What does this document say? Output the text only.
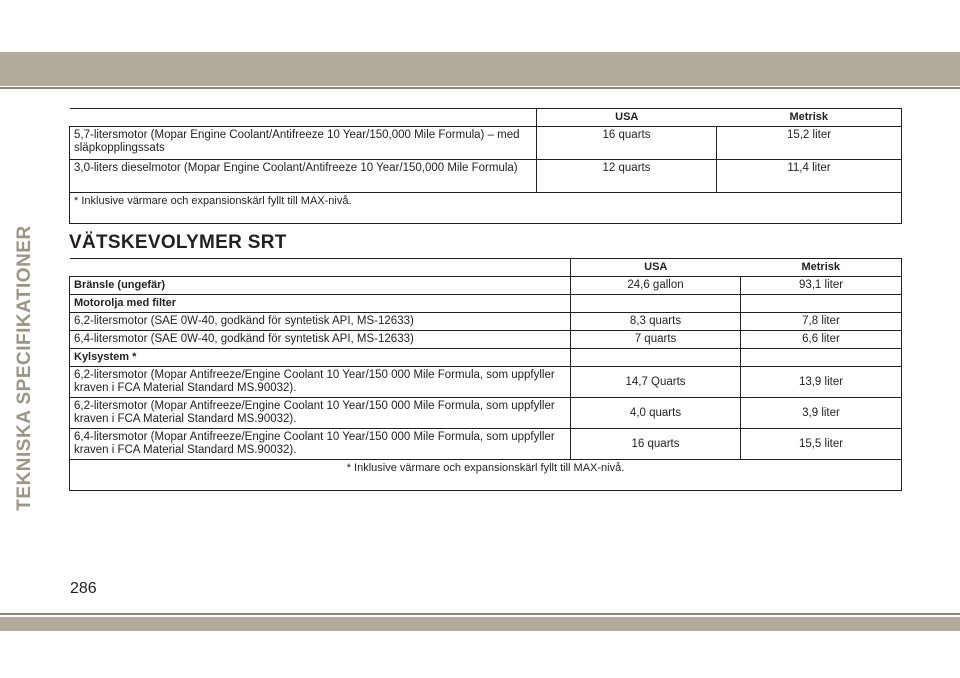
TEKNISKA SPECIFIKATIONER
	USA	Metrisk
5,7-litersmotor (Mopar Engine Coolant/Antifreeze 10 Year/150,000 Mile Formula) – med släpkopplingssats	16 quarts	15,2 liter
3,0-liters dieselmotor (Mopar Engine Coolant/Antifreeze 10 Year/150,000 Mile Formula)	12 quarts	11,4 liter
* Inklusive värmare och expansionskärl fyllt till MAX-nivå.		
VÄTSKEVOLYMER SRT
	USA	Metrisk
Bränsle (ungefär)	24,6 gallon	93,1 liter
Motorolja med filter		
6,2-litersmotor (SAE 0W-40, godkänd för syntetisk API, MS-12633)	8,3 quarts	7,8 liter
6,4-litersmotor (SAE 0W-40, godkänd för syntetisk API, MS-12633)	7 quarts	6,6 liter
Kylsystem *		
6,2-litersmotor (Mopar Antifreeze/Engine Coolant 10 Year/150 000 Mile Formula, som uppfyller kraven i FCA Material Standard MS.90032).	14,7 Quarts	13,9 liter
6,2-litersmotor (Mopar Antifreeze/Engine Coolant 10 Year/150 000 Mile Formula, som uppfyller kraven i FCA Material Standard MS.90032).	4,0 quarts	3,9 liter
6,4-litersmotor (Mopar Antifreeze/Engine Coolant 10 Year/150 000 Mile Formula, som uppfyller kraven i FCA Material Standard MS.90032).	16 quarts	15,5 liter
* Inklusive värmare och expansionskärl fyllt till MAX-nivå.		
286
